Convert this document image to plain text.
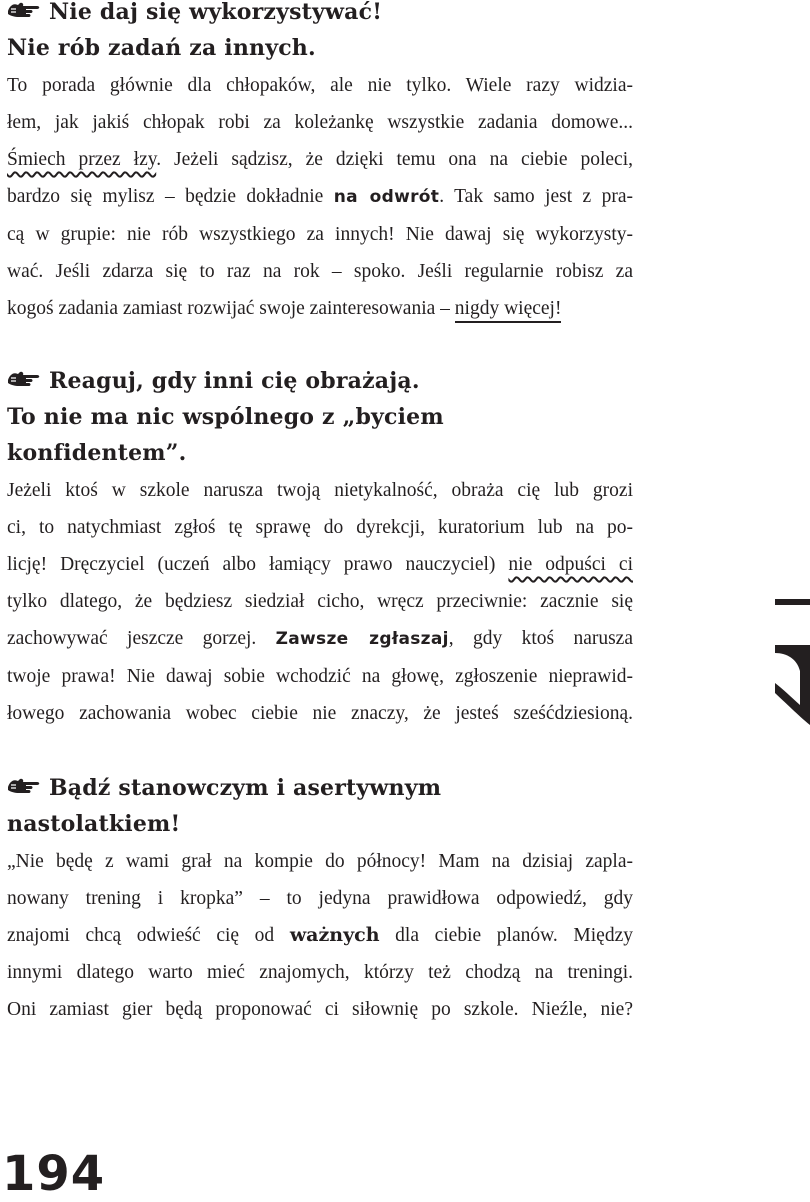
Nie daj się wykorzystywać!
Nie rób zadań za innych.
To porada głównie dla chłopaków, ale nie tylko. Wiele razy widzia-
łem, jak jakiś chłopak robi za koleżankę wszystkie zadania domowe...
Śmiech przez łzy. Jeżeli sądzisz, że dzięki temu ona na ciebie poleci,
bardzo się mylisz – będzie dokładnie na odwrót. Tak samo jest z pra-
cą w grupie: nie rób wszystkiego za innych! Nie dawaj się wykorzysty-
wać. Jeśli zdarza się to raz na rok – spoko. Jeśli regularnie robisz za
kogoś zadania zamiast rozwijać swoje zainteresowania – nigdy więcej!
Reaguj, gdy inni cię obrażają.
To nie ma nic wspólnego z „byciem
konfidentem”.
Jeżeli ktoś w szkole narusza twoją nietykalność, obraża cię lub grozi
ci, to natychmiast zgłoś tę sprawę do dyrekcji, kuratorium lub na po-
licję! Dręczyciel (uczeń albo łamiący prawo nauczyciel) nie odpuści ci
tylko dlatego, że będziesz siedział cicho, wręcz przeciwnie: zacznie się
zachowywać jeszcze gorzej. Zawsze zgłaszaj, gdy ktoś narusza
twoje prawa! Nie dawaj sobie wchodzić na głowę, zgłoszenie nieprawid-
łowego zachowania wobec ciebie nie znaczy, że jesteś sześćdziesioną.
Bądź stanowczym i asertywnym
nastolatkiem!
„Nie będę z wami grał na kompie do północy! Mam na dzisiaj zapla-
nowany trening i kropka” – to jedyna prawidłowa odpowiedź, gdy
znajomi chcą odwieść cię od ważnych dla ciebie planów. Między
innymi dlatego warto mieć znajomych, którzy też chodzą na treningi.
Oni zamiast gier będą proponować ci siłownię po szkole. Nieźle, nie?
194
